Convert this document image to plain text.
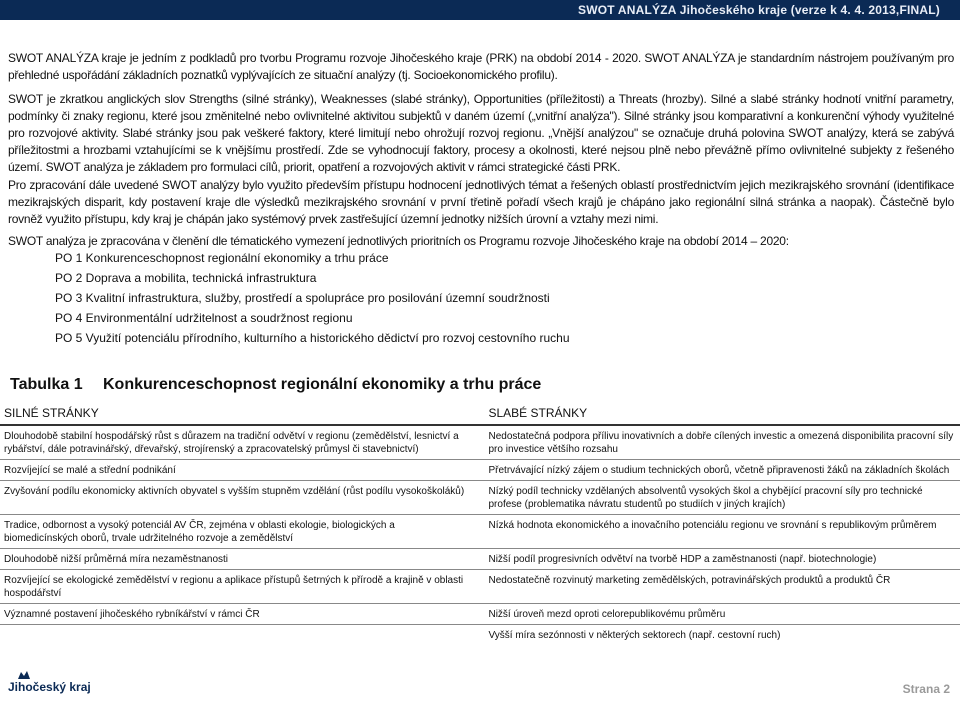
SWOT ANALÝZA Jihočeského kraje (verze k 4. 4. 2013,FINAL)
SWOT ANALÝZA kraje je jedním z podkladů pro tvorbu Programu rozvoje Jihočeského kraje (PRK) na období 2014 - 2020. SWOT ANALÝZA je standardním nástrojem používaným pro přehledné uspořádání základních poznatků vyplývajících ze situační analýzy (tj. Socioekonomického profilu).
SWOT je zkratkou anglických slov Strengths (silné stránky), Weaknesses (slabé stránky), Opportunities (příležitosti) a Threats (hrozby). Silné a slabé stránky hodnotí vnitřní parametry, podmínky či znaky regionu, které jsou změnitelné nebo ovlivnitelné aktivitou subjektů v daném území („vnitřní analýza"). Silné stránky jsou komparativní a konkurenční výhody využitelné pro rozvojové aktivity. Slabé stránky jsou pak veškeré faktory, které limitují nebo ohrožují rozvoj regionu. „Vnější analýzou" se označuje druhá polovina SWOT analýzy, která se zabývá příležitostmi a hrozbami vztahujícími se k vnějšímu prostředí. Zde se vyhodnocují faktory, procesy a okolnosti, které nejsou plně nebo převážně přímo ovlivnitelné subjekty z řešeného území. SWOT analýza je základem pro formulaci cílů, priorit, opatření a rozvojových aktivit v rámci strategické části PRK.
Pro zpracování dále uvedené SWOT analýzy bylo využito především přístupu hodnocení jednotlivých témat a řešených oblastí prostřednictvím jejich mezikrajského srovnání (identifikace mezikrajských disparit, kdy postavení kraje dle výsledků mezikrajského srovnání v první třetině pořadí všech krajů je chápáno jako regionální silná stránka a naopak). Částečně bylo rovněž využito přístupu, kdy kraj je chápán jako systémový prvek zastřešující územní jednotky nižších úrovní a vztahy mezi nimi.
SWOT analýza je zpracována v členění dle tématického vymezení jednotlivých prioritních os Programu rozvoje Jihočeského kraje na období 2014 – 2020:
PO 1 Konkurenceschopnost regionální ekonomiky a trhu práce
PO 2 Doprava a mobilita, technická infrastruktura
PO 3 Kvalitní infrastruktura, služby, prostředí a spolupráce pro posilování územní soudržnosti
PO 4 Environmentální udržitelnost a soudržnost regionu
PO 5 Využití potenciálu přírodního, kulturního a historického dědictví pro rozvoj cestovního ruchu
Tabulka 1 Konkurenceschopnost regionální ekonomiky a trhu práce
SILNÉ STRÁNKY	SLABÉ STRÁNKY
Dlouhodobě stabilní hospodářský růst s důrazem na tradiční odvětví v regionu (zemědělství, lesnictví a rybářství, dále potravinářský, dřevařský, strojírenský a zpracovatelský průmysl či stavebnictví)	Nedostatečná podpora přílivu inovativních a dobře cílených investic a omezená disponibilita pracovní síly pro investice většího rozsahu
Rozvíjející se malé a střední podnikání	Přetrvávající nízký zájem o studium technických oborů, včetně připravenosti žáků na základních školách
Zvyšování podílu ekonomicky aktivních obyvatel s vyšším stupněm vzdělání (růst podílu vysokoškoláků)	Nízký podíl technicky vzdělaných absolventů vysokých škol a chybějící pracovní síly pro technické profese (problematika návratu studentů po studiích v jiných krajích)
Tradice, odbornost a vysoký potenciál AV ČR, zejména v oblasti ekologie, biologických a biomedicínských oborů, trvale udržitelného rozvoje a zemědělství	Nízká hodnota ekonomického a inovačního potenciálu regionu ve srovnání s republikovým průměrem
Dlouhodobě nižší průměrná míra nezaměstnanosti	Nižší podíl progresivních odvětví na tvorbě HDP a zaměstnanosti (např. biotechnologie)
Rozvíjející se ekologické zemědělství v regionu a aplikace přístupů šetrných k přírodě a krajině v oblasti hospodářství	Nedostatečně rozvinutý marketing zemědělských, potravinářských produktů a produktů ČR
Významné postavení jihočeského rybníkářství v rámci ČR	Nižší úroveň mezd oproti celorepublikovému průměru
	Vyšší míra sezónnosti v některých sektorech (např. cestovní ruch)
Jihočeský kraj	Strana 2
